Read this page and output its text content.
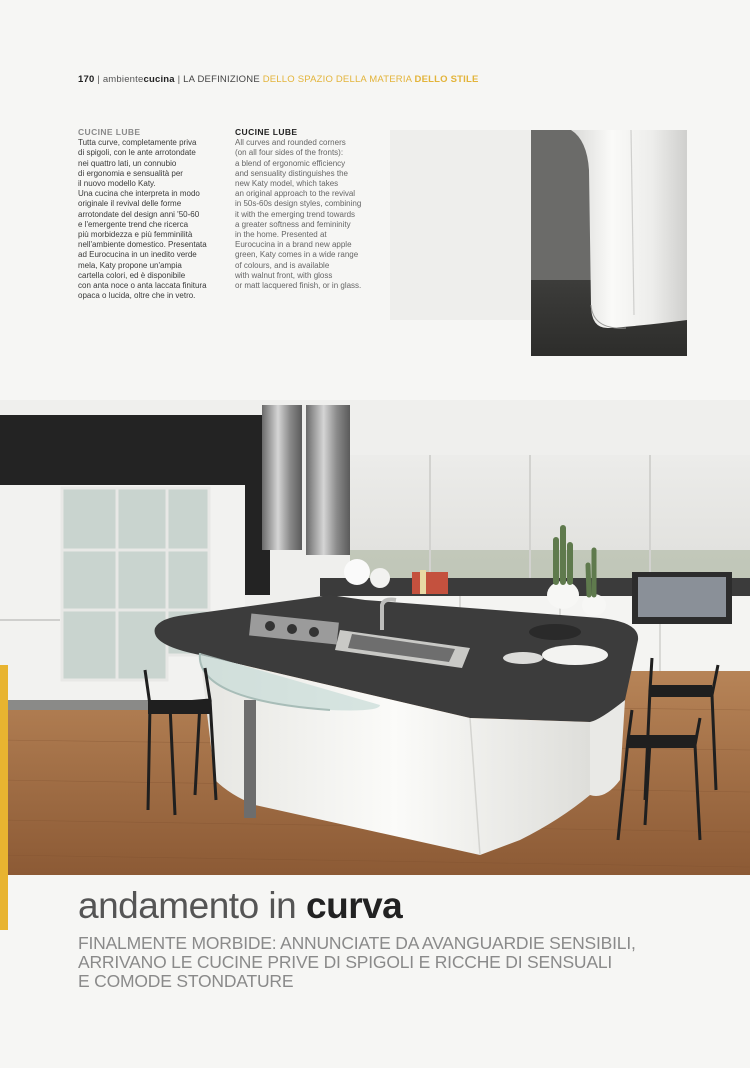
170 | ambientecucina | LA DEFINIZIONE DELLO SPAZIO DELLA MATERIA DELLO STILE
CUCINE LUBE

Tutta curve, completamente priva
di spigoli, con le ante arrotondate
nei quattro lati, un connubio
di ergonomia e sensualità per
il nuovo modello Katy.
Una cucina che interpreta in modo
originale il revival delle forme
arrotondate del design anni '50-60
e l'emergente trend che ricerca
più morbidezza e più femminilità
nell'ambiente domestico. Presentata
ad Eurocucina in un inedito verde
mela, Katy propone un'ampia
cartella colori, ed è disponibile
con anta noce o anta laccata finitura
opaca o lucida, oltre che in vetro.

CUCINE LUBE

All curves and rounded corners
(on all four sides of the fronts):
a blend of ergonomic efficiency
and sensuality distinguishes the
new Katy model, which takes
an original approach to the revival
in 50s-60s design styles, combining
it with the emerging trend towards
a greater softness and femininity
in the home. Presented at
Eurocucina in a brand new apple
green, Katy comes in a wide range
of colours, and is available
with walnut front, with gloss
or matt lacquered finish, or in glass.

andamento in curva
FINALMENTE MORBIDE: ANNUNCIATE DA AVANGUARDIE SENSIBILI,
ARRIVANO LE CUCINE PRIVE DI SPIGOLI E RICCHE DI SENSUALI
E COMODE STONDATURE
